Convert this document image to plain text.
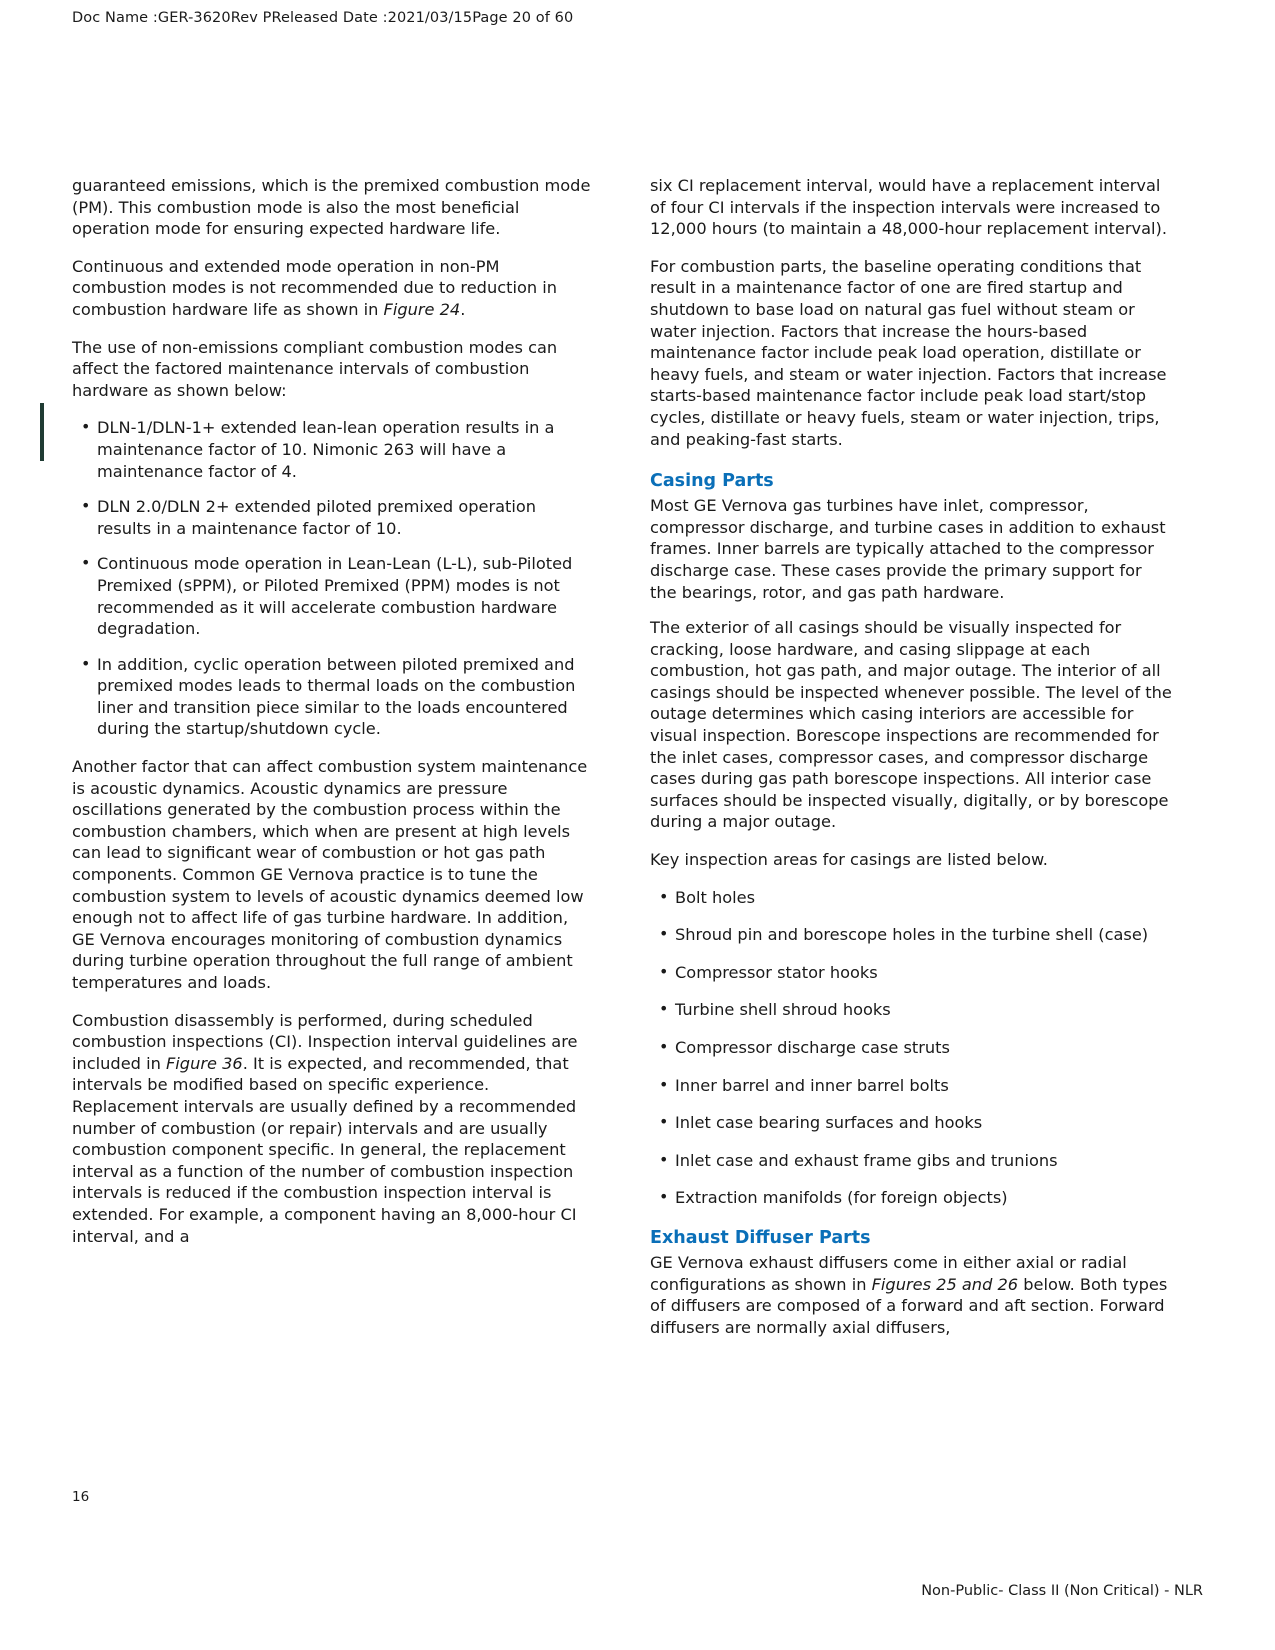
Doc Name :GER-3620Rev PReleased Date :2021/03/15Page 20 of 60

guaranteed emissions, which is the premixed combustion mode (PM). This combustion mode is also the most beneficial operation mode for ensuring expected hardware life.

Continuous and extended mode operation in non-PM combustion modes is not recommended due to reduction in combustion hardware life as shown in Figure 24.

The use of non-emissions compliant combustion modes can affect the factored maintenance intervals of combustion hardware as shown below:

• DLN-1/DLN-1+ extended lean-lean operation results in a maintenance factor of 10. Nimonic 263 will have a maintenance factor of 4.
• DLN 2.0/DLN 2+ extended piloted premixed operation results in a maintenance factor of 10.
• Continuous mode operation in Lean-Lean (L-L), sub-Piloted Premixed (sPPM), or Piloted Premixed (PPM) modes is not recommended as it will accelerate combustion hardware degradation.
• In addition, cyclic operation between piloted premixed and premixed modes leads to thermal loads on the combustion liner and transition piece similar to the loads encountered during the startup/shutdown cycle.

Another factor that can affect combustion system maintenance is acoustic dynamics. Acoustic dynamics are pressure oscillations generated by the combustion process within the combustion chambers, which when are present at high levels can lead to significant wear of combustion or hot gas path components. Common GE Vernova practice is to tune the combustion system to levels of acoustic dynamics deemed low enough not to affect life of gas turbine hardware. In addition, GE Vernova encourages monitoring of combustion dynamics during turbine operation throughout the full range of ambient temperatures and loads.

Combustion disassembly is performed, during scheduled combustion inspections (CI). Inspection interval guidelines are included in Figure 36. It is expected, and recommended, that intervals be modified based on specific experience. Replacement intervals are usually defined by a recommended number of combustion (or repair) intervals and are usually combustion component specific. In general, the replacement interval as a function of the number of combustion inspection intervals is reduced if the combustion inspection interval is extended. For example, a component having an 8,000-hour CI interval, and a

six CI replacement interval, would have a replacement interval of four CI intervals if the inspection intervals were increased to 12,000 hours (to maintain a 48,000-hour replacement interval).

For combustion parts, the baseline operating conditions that result in a maintenance factor of one are fired startup and shutdown to base load on natural gas fuel without steam or water injection. Factors that increase the hours-based maintenance factor include peak load operation, distillate or heavy fuels, and steam or water injection. Factors that increase starts-based maintenance factor include peak load start/stop cycles, distillate or heavy fuels, steam or water injection, trips, and peaking-fast starts.

Casing Parts

Most GE Vernova gas turbines have inlet, compressor, compressor discharge, and turbine cases in addition to exhaust frames. Inner barrels are typically attached to the compressor discharge case. These cases provide the primary support for the bearings, rotor, and gas path hardware.

The exterior of all casings should be visually inspected for cracking, loose hardware, and casing slippage at each combustion, hot gas path, and major outage. The interior of all casings should be inspected whenever possible. The level of the outage determines which casing interiors are accessible for visual inspection. Borescope inspections are recommended for the inlet cases, compressor cases, and compressor discharge cases during gas path borescope inspections. All interior case surfaces should be inspected visually, digitally, or by borescope during a major outage.

Key inspection areas for casings are listed below.

• Bolt holes
• Shroud pin and borescope holes in the turbine shell (case)
• Compressor stator hooks
• Turbine shell shroud hooks
• Compressor discharge case struts
• Inner barrel and inner barrel bolts
• Inlet case bearing surfaces and hooks
• Inlet case and exhaust frame gibs and trunions
• Extraction manifolds (for foreign objects)
Exhaust Diffuser Parts

GE Vernova exhaust diffusers come in either axial or radial configurations as shown in Figures 25 and 26 below. Both types of diffusers are composed of a forward and aft section. Forward diffusers are normally axial diffusers,

16
Non-Public- Class II (Non Critical) - NLR
